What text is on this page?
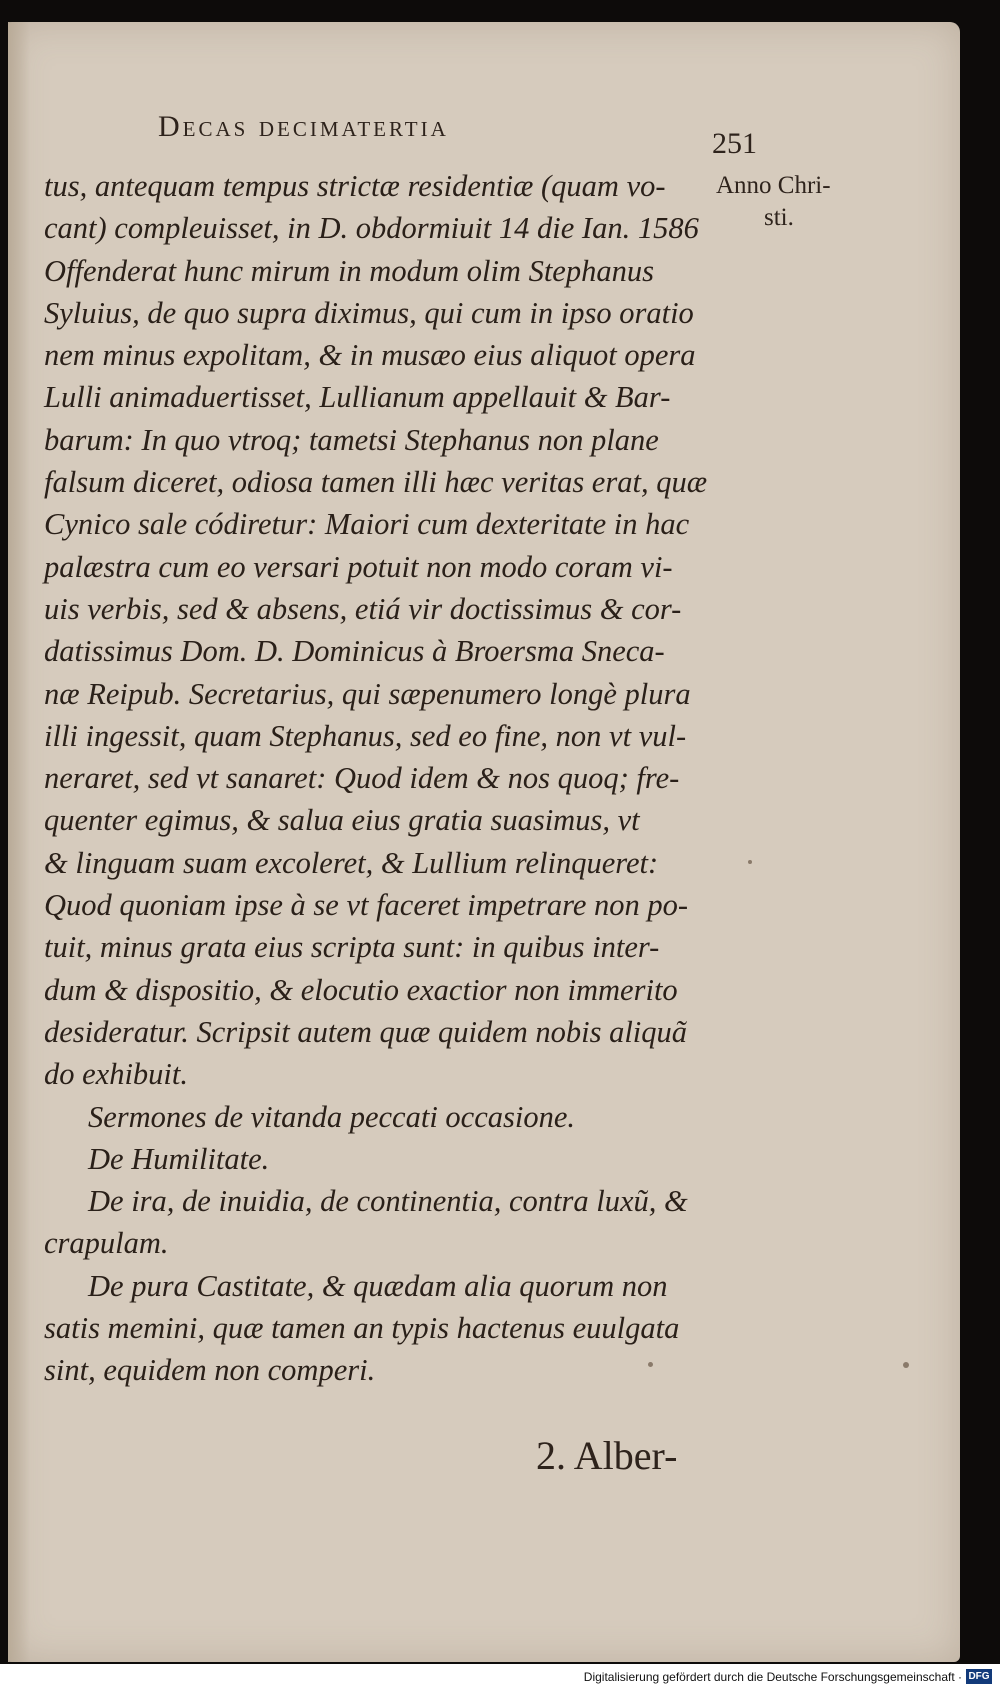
Decas decimatertia
251
Anno Chri-
sti.
tus, antequam tempus strictæ residentiæ (quam vo-
cant) compleuisset, in D. obdormiuit 14 die Ian. 1586
Offenderat hunc mirum in modum olim Stephanus
Syluius, de quo supra diximus, qui cum in ipso oratio
nem minus expolitam, & in musæo eius aliquot opera
Lulli animaduertisset, Lullianum appellauit & Bar-
barum: In quo vtroq; tametsi Stephanus non plane
falsum diceret, odiosa tamen illi hæc veritas erat, quæ
Cynico sale códiretur: Maiori cum dexteritate in hac
palæstra cum eo versari potuit non modo coram vi-
uis verbis, sed & absens, etiá vir doctissimus & cor-
datissimus Dom. D. Dominicus à Broersma Sneca-
næ Reipub. Secretarius, qui sæpenumero longè plura
illi ingessit, quam Stephanus, sed eo fine, non vt vul-
neraret, sed vt sanaret: Quod idem & nos quoq; fre-
quenter egimus, & salua eius gratia suasimus, vt
& linguam suam excoleret, & Lullium relinqueret:
Quod quoniam ipse à se vt faceret impetrare non po-
tuit, minus grata eius scripta sunt: in quibus inter-
dum & dispositio, & elocutio exactior non immerito
desideratur. Scripsit autem quæ quidem nobis aliquã
do exhibuit.
Sermones de vitanda peccati occasione.
De Humilitate.
De ira, de inuidia, de continentia, contra luxũ, &
crapulam.
De pura Castitate, & quædam alia quorum non
satis memini, quæ tamen an typis hactenus euulgata
sint, equidem non comperi.
2. Alber-
Digitalisierung gefördert durch die Deutsche Forschungsgemeinschaft · DFG
